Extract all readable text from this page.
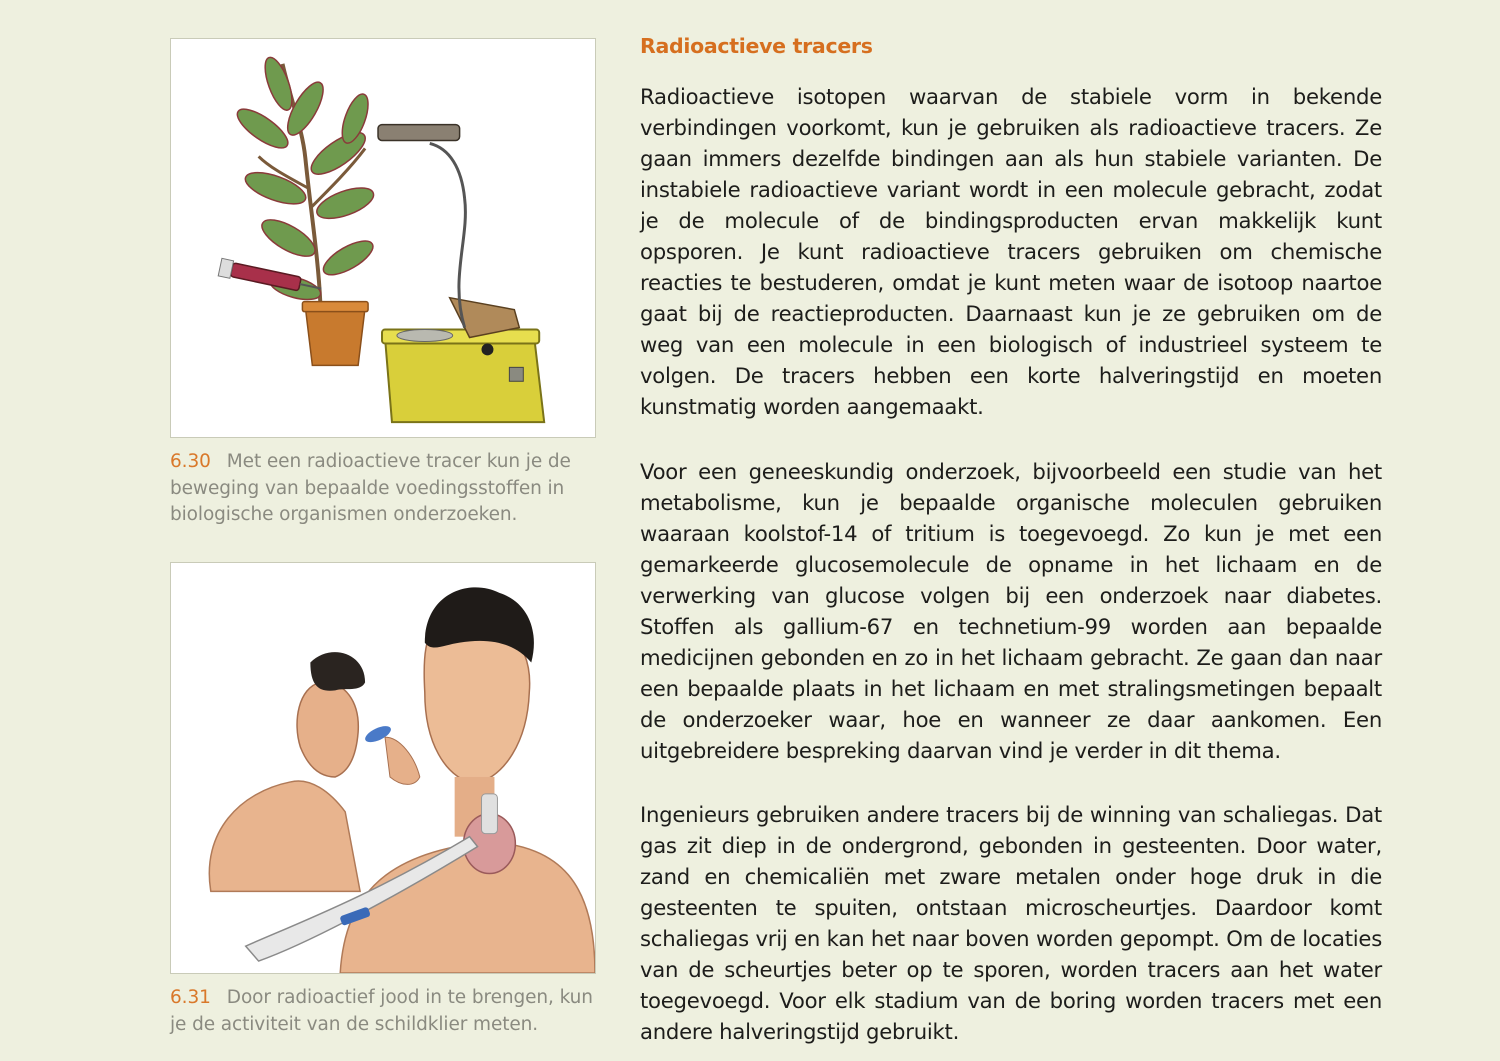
6.30 Met een radioactieve tracer kun je de beweging van bepaalde voedingsstoffen in biologische organismen onderzoeken.
6.31 Door radioactief jood in te brengen, kun je de activiteit van de schildklier meten.
Radioactieve tracers

Radioactieve isotopen waarvan de stabiele vorm in bekende verbindingen voorkomt, kun je gebruiken als radioactieve tracers. Ze gaan immers dezelfde bindingen aan als hun stabiele varianten. De instabiele radioactieve variant wordt in een molecule gebracht, zodat je de molecule of de bindingsproducten ervan makkelijk kunt opsporen. Je kunt radioactieve tracers gebruiken om chemische reacties te bestuderen, omdat je kunt meten waar de isotoop naartoe gaat bij de reactieproducten. Daarnaast kun je ze gebruiken om de weg van een molecule in een biologisch of industrieel systeem te volgen. De tracers hebben een korte halveringstijd en moeten kunstmatig worden aangemaakt.

Voor een geneeskundig onderzoek, bijvoorbeeld een studie van het metabolisme, kun je bepaalde organische moleculen gebruiken waaraan koolstof-14 of tritium is toegevoegd. Zo kun je met een gemarkeerde glucosemolecule de opname in het lichaam en de verwerking van glucose volgen bij een onderzoek naar diabetes. Stoffen als gallium-67 en technetium-99 worden aan bepaalde medicijnen gebonden en zo in het lichaam gebracht. Ze gaan dan naar een bepaalde plaats in het lichaam en met stralingsmetingen bepaalt de onderzoeker waar, hoe en wanneer ze daar aankomen. Een uitgebreidere bespreking daarvan vind je verder in dit thema.

Ingenieurs gebruiken andere tracers bij de winning van schaliegas. Dat gas zit diep in de ondergrond, gebonden in gesteenten. Door water, zand en chemicaliën met zware metalen onder hoge druk in die gesteenten te spuiten, ontstaan microscheurtjes. Daardoor komt schaliegas vrij en kan het naar boven worden gepompt. Om de locaties van de scheurtjes beter op te sporen, worden tracers aan het water toegevoegd. Voor elk stadium van de boring worden tracers met een andere halveringstijd gebruikt.
